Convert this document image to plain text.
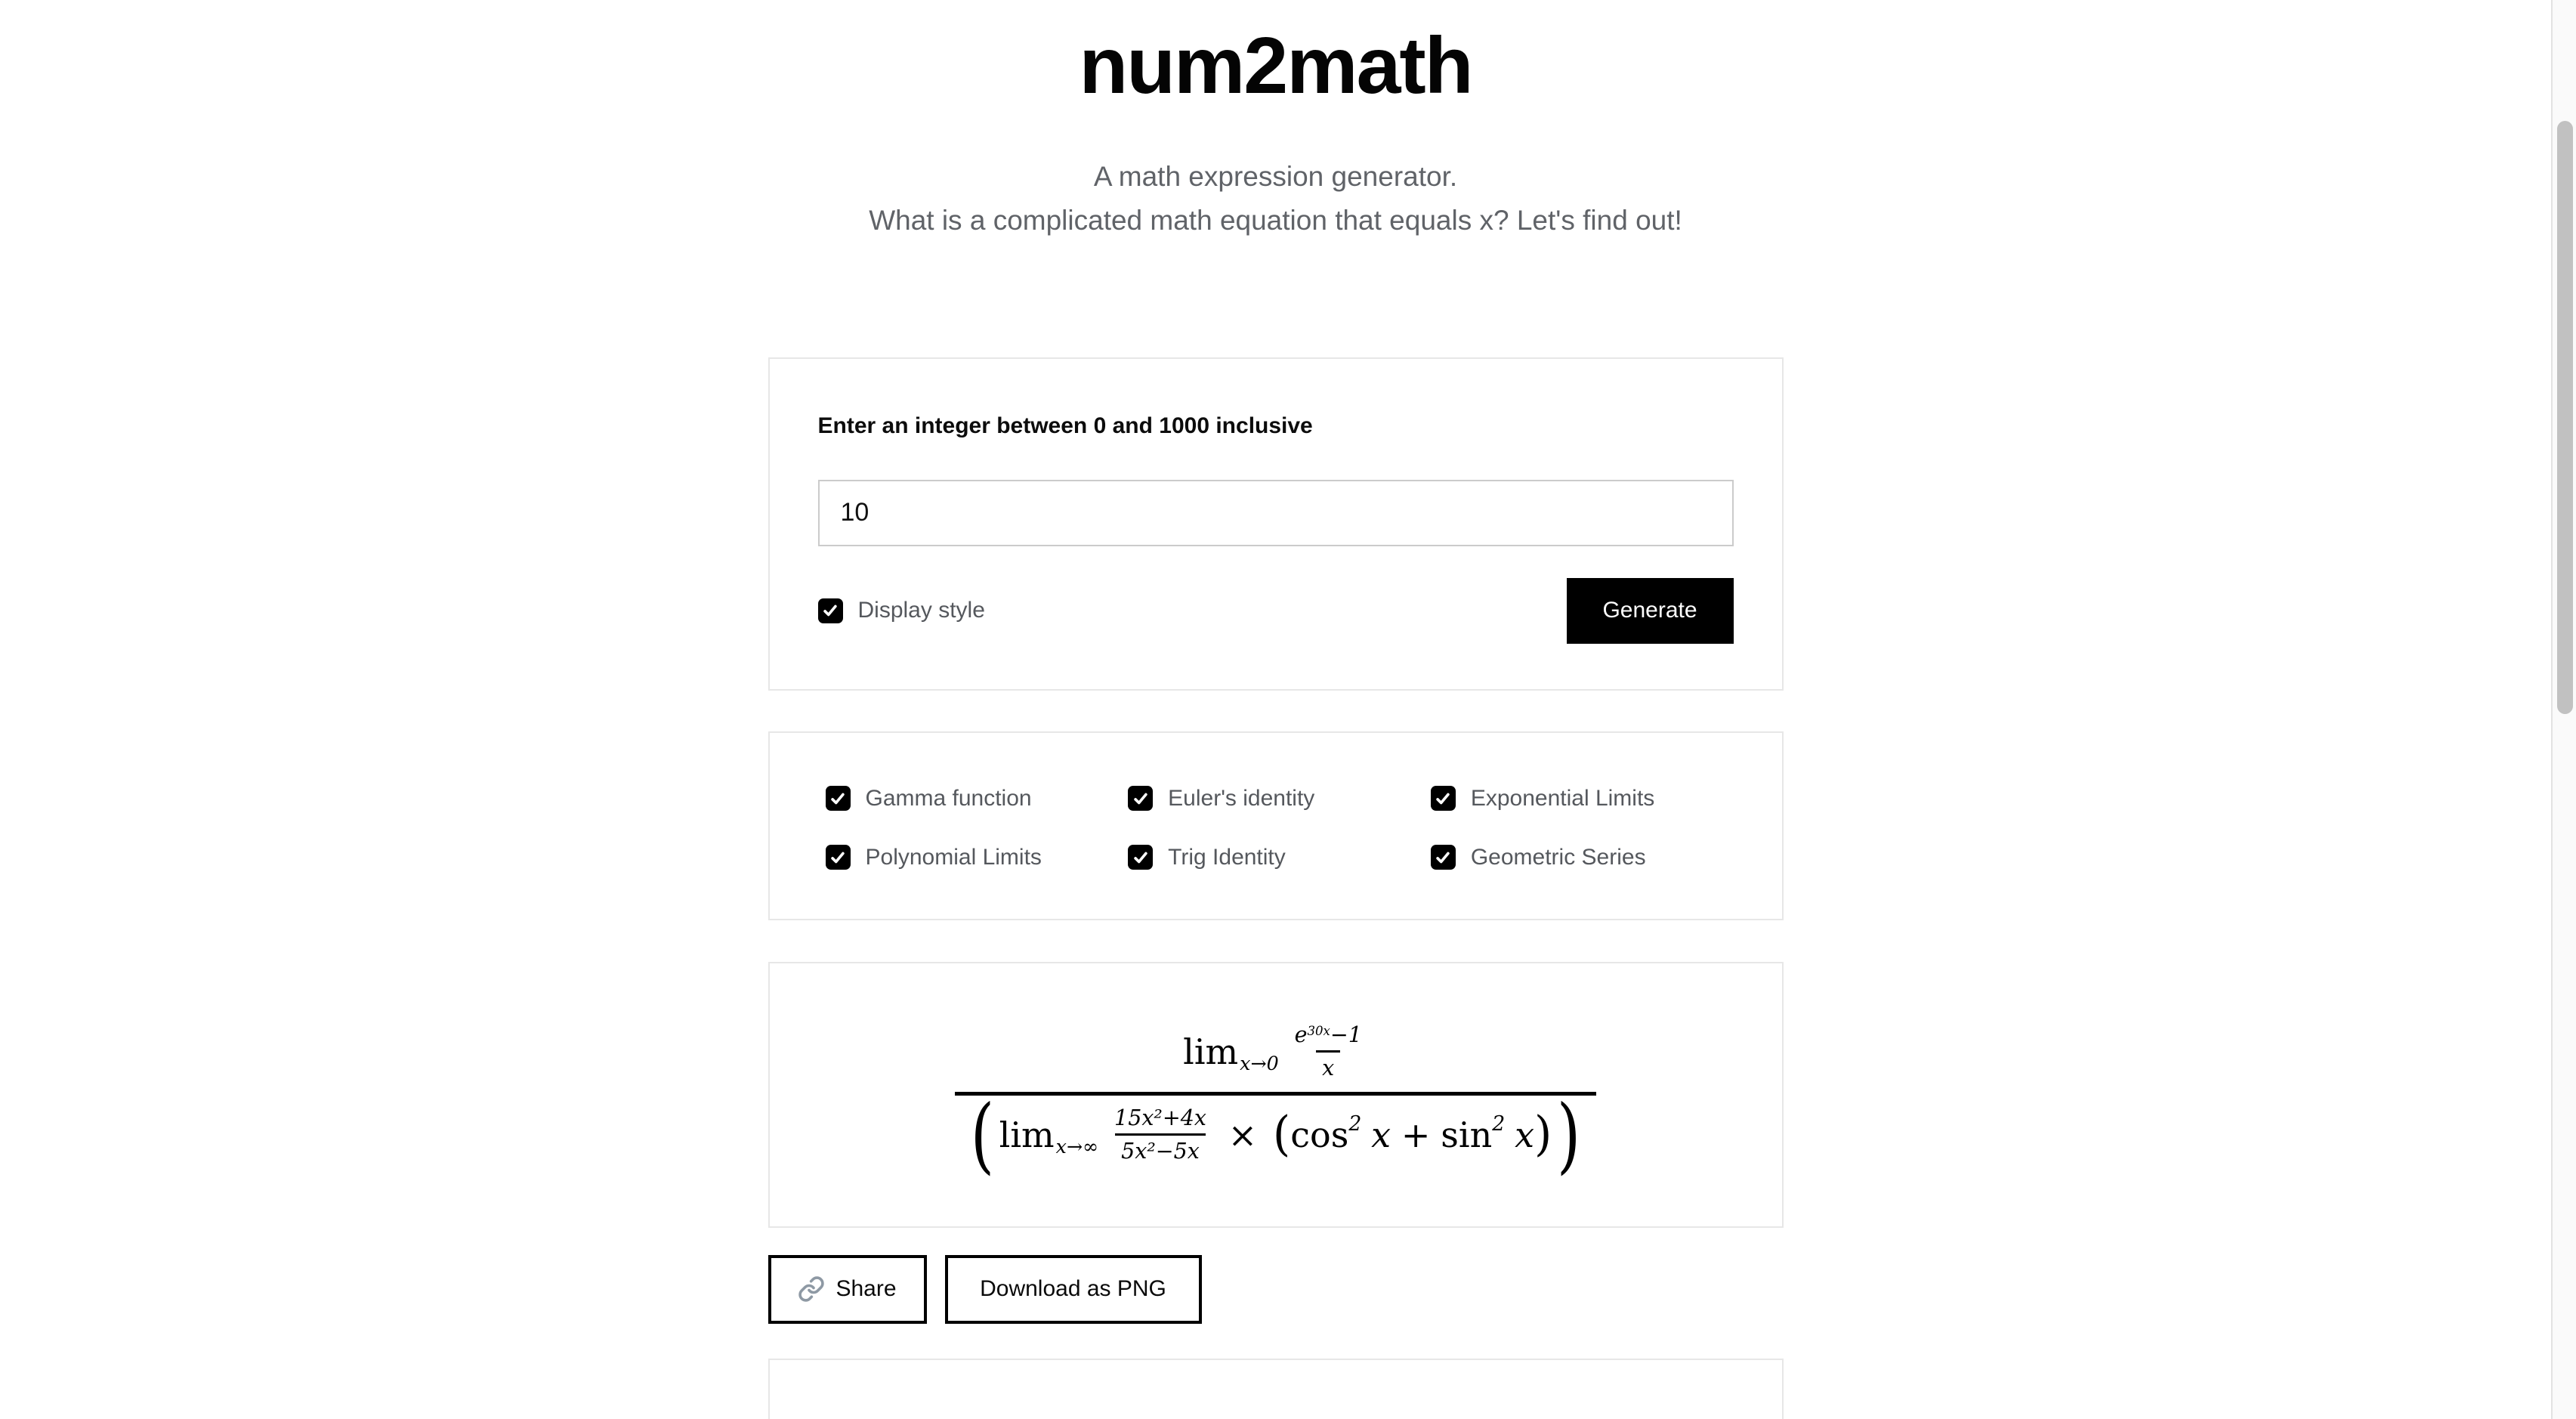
num2math
A math expression generator.
What is a complicated math equation that equals x? Let's find out!
Enter an integer between 0 and 1000 inclusive
10
Display style	Generate
Gamma function	Euler's identity	Exponential Limits
Polynomial Limits	Trig Identity	Geometric Series
lim x→0
e 30x −1
x
( $\lim x\to\infty \frac{\text{15x²+4x}}{\text{5x²−5x}}$ × ( cos 2 x + sin 2 x ) )
Share	Download as PNG
